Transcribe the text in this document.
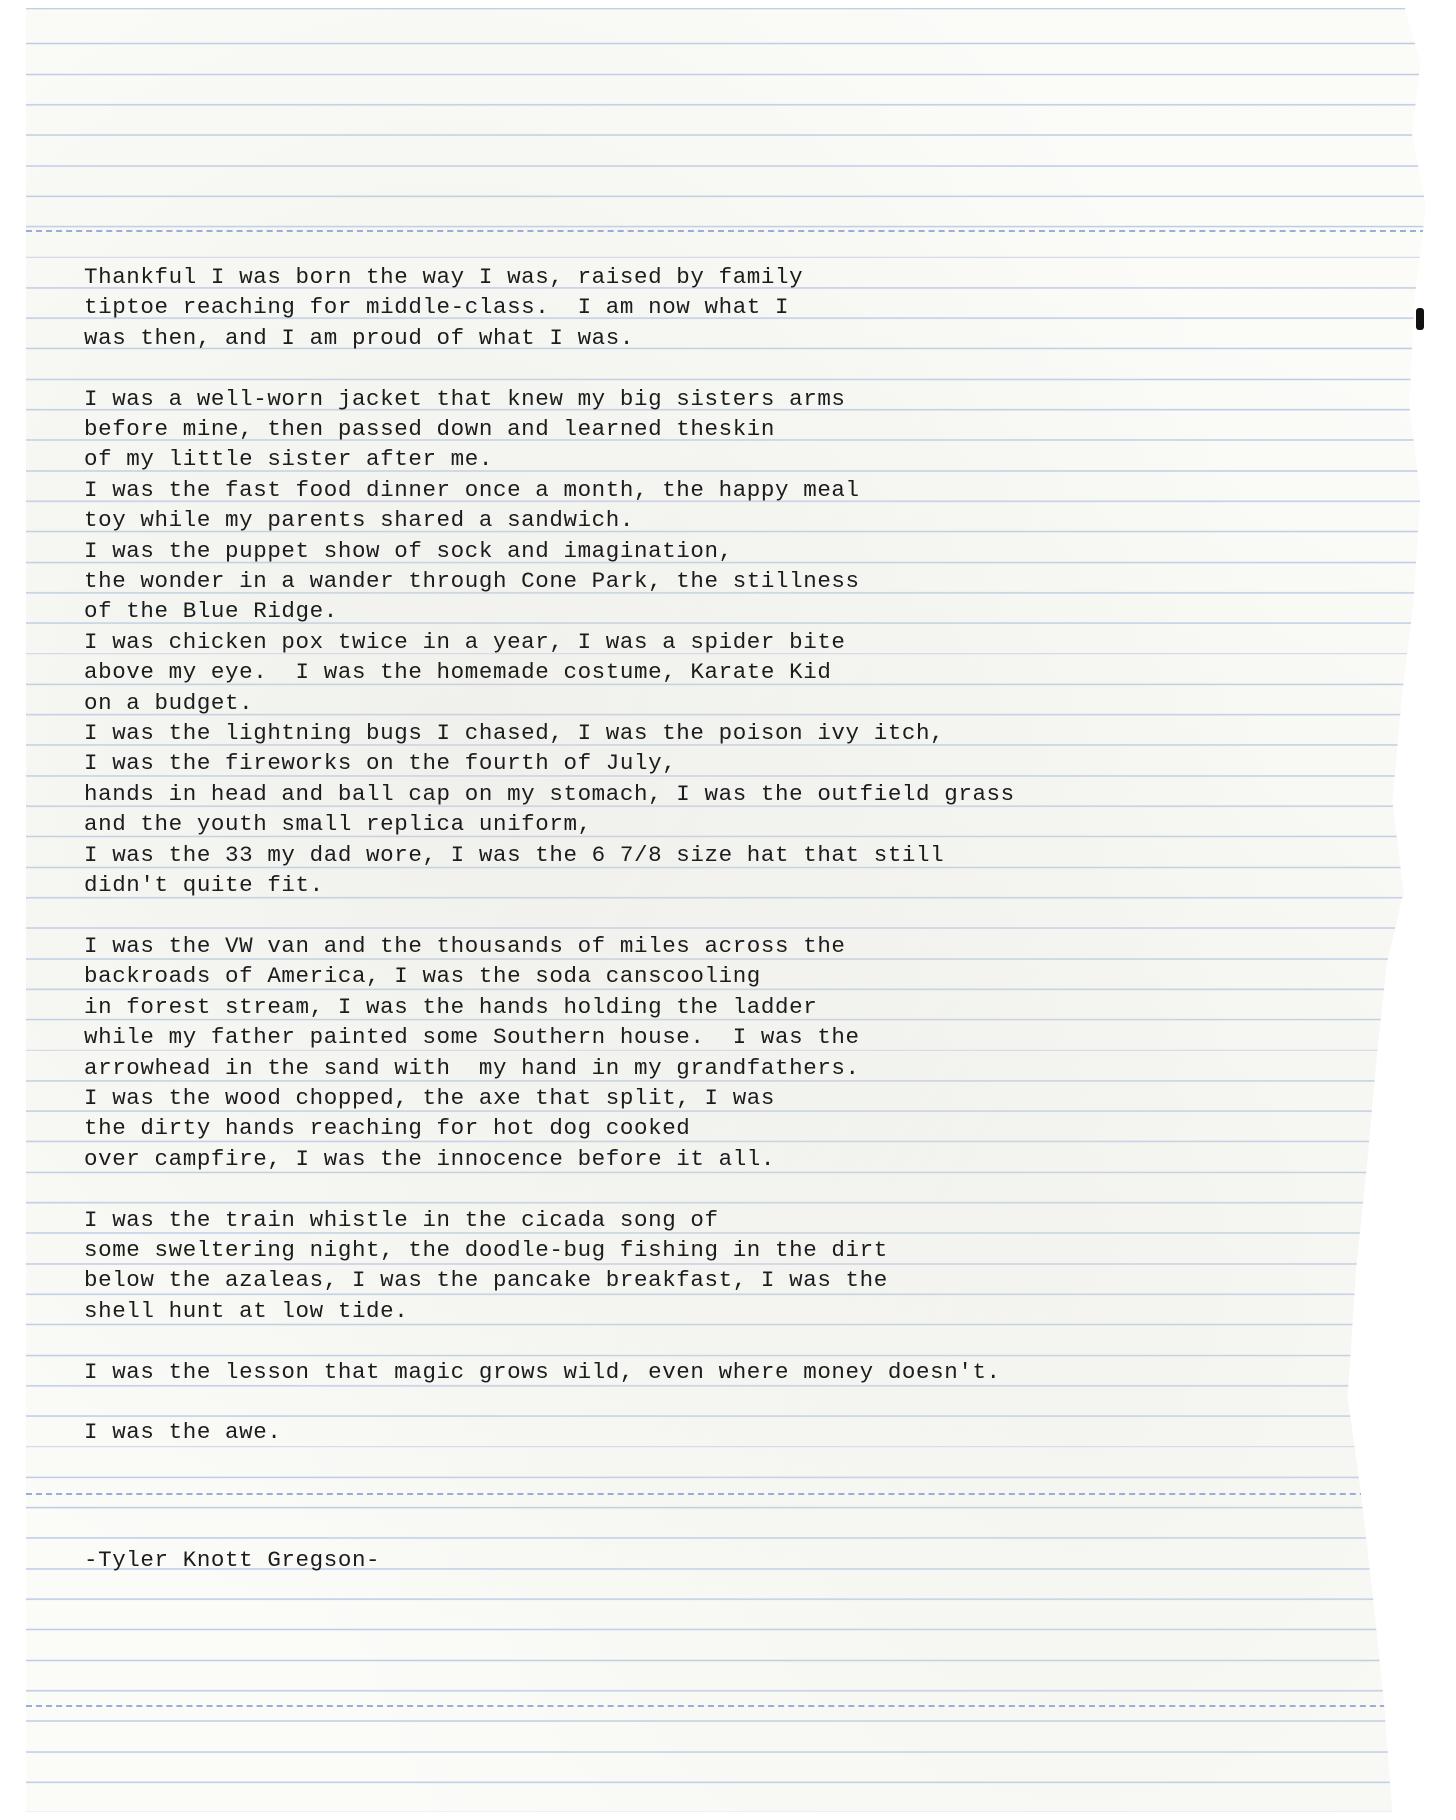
Thankful I was born the way I was, raised by family
tiptoe reaching for middle-class.  I am now what I
was then, and I am proud of what I was.
I was a well-worn jacket that knew my big sisters arms
before mine, then passed down and learned theskin
of my little sister after me.
I was the fast food dinner once a month, the happy meal
toy while my parents shared a sandwich.
I was the puppet show of sock and imagination,
the wonder in a wander through Cone Park, the stillness
of the Blue Ridge.
I was chicken pox twice in a year, I was a spider bite
above my eye.  I was the homemade costume, Karate Kid
on a budget.
I was the lightning bugs I chased, I was the poison ivy itch,
I was the fireworks on the fourth of July,
hands in head and ball cap on my stomach, I was the outfield grass
and the youth small replica uniform,
I was the 33 my dad wore, I was the 6 7/8 size hat that still
didn't quite fit.
I was the VW van and the thousands of miles across the
backroads of America, I was the soda canscooling
in forest stream, I was the hands holding the ladder
while my father painted some Southern house.  I was the
arrowhead in the sand with  my hand in my grandfathers.
I was the wood chopped, the axe that split, I was
the dirty hands reaching for hot dog cooked
over campfire, I was the innocence before it all.
I was the train whistle in the cicada song of
some sweltering night, the doodle-bug fishing in the dirt
below the azaleas, I was the pancake breakfast, I was the
shell hunt at low tide.
I was the lesson that magic grows wild, even where money doesn't.
I was the awe.
-Tyler Knott Gregson-
